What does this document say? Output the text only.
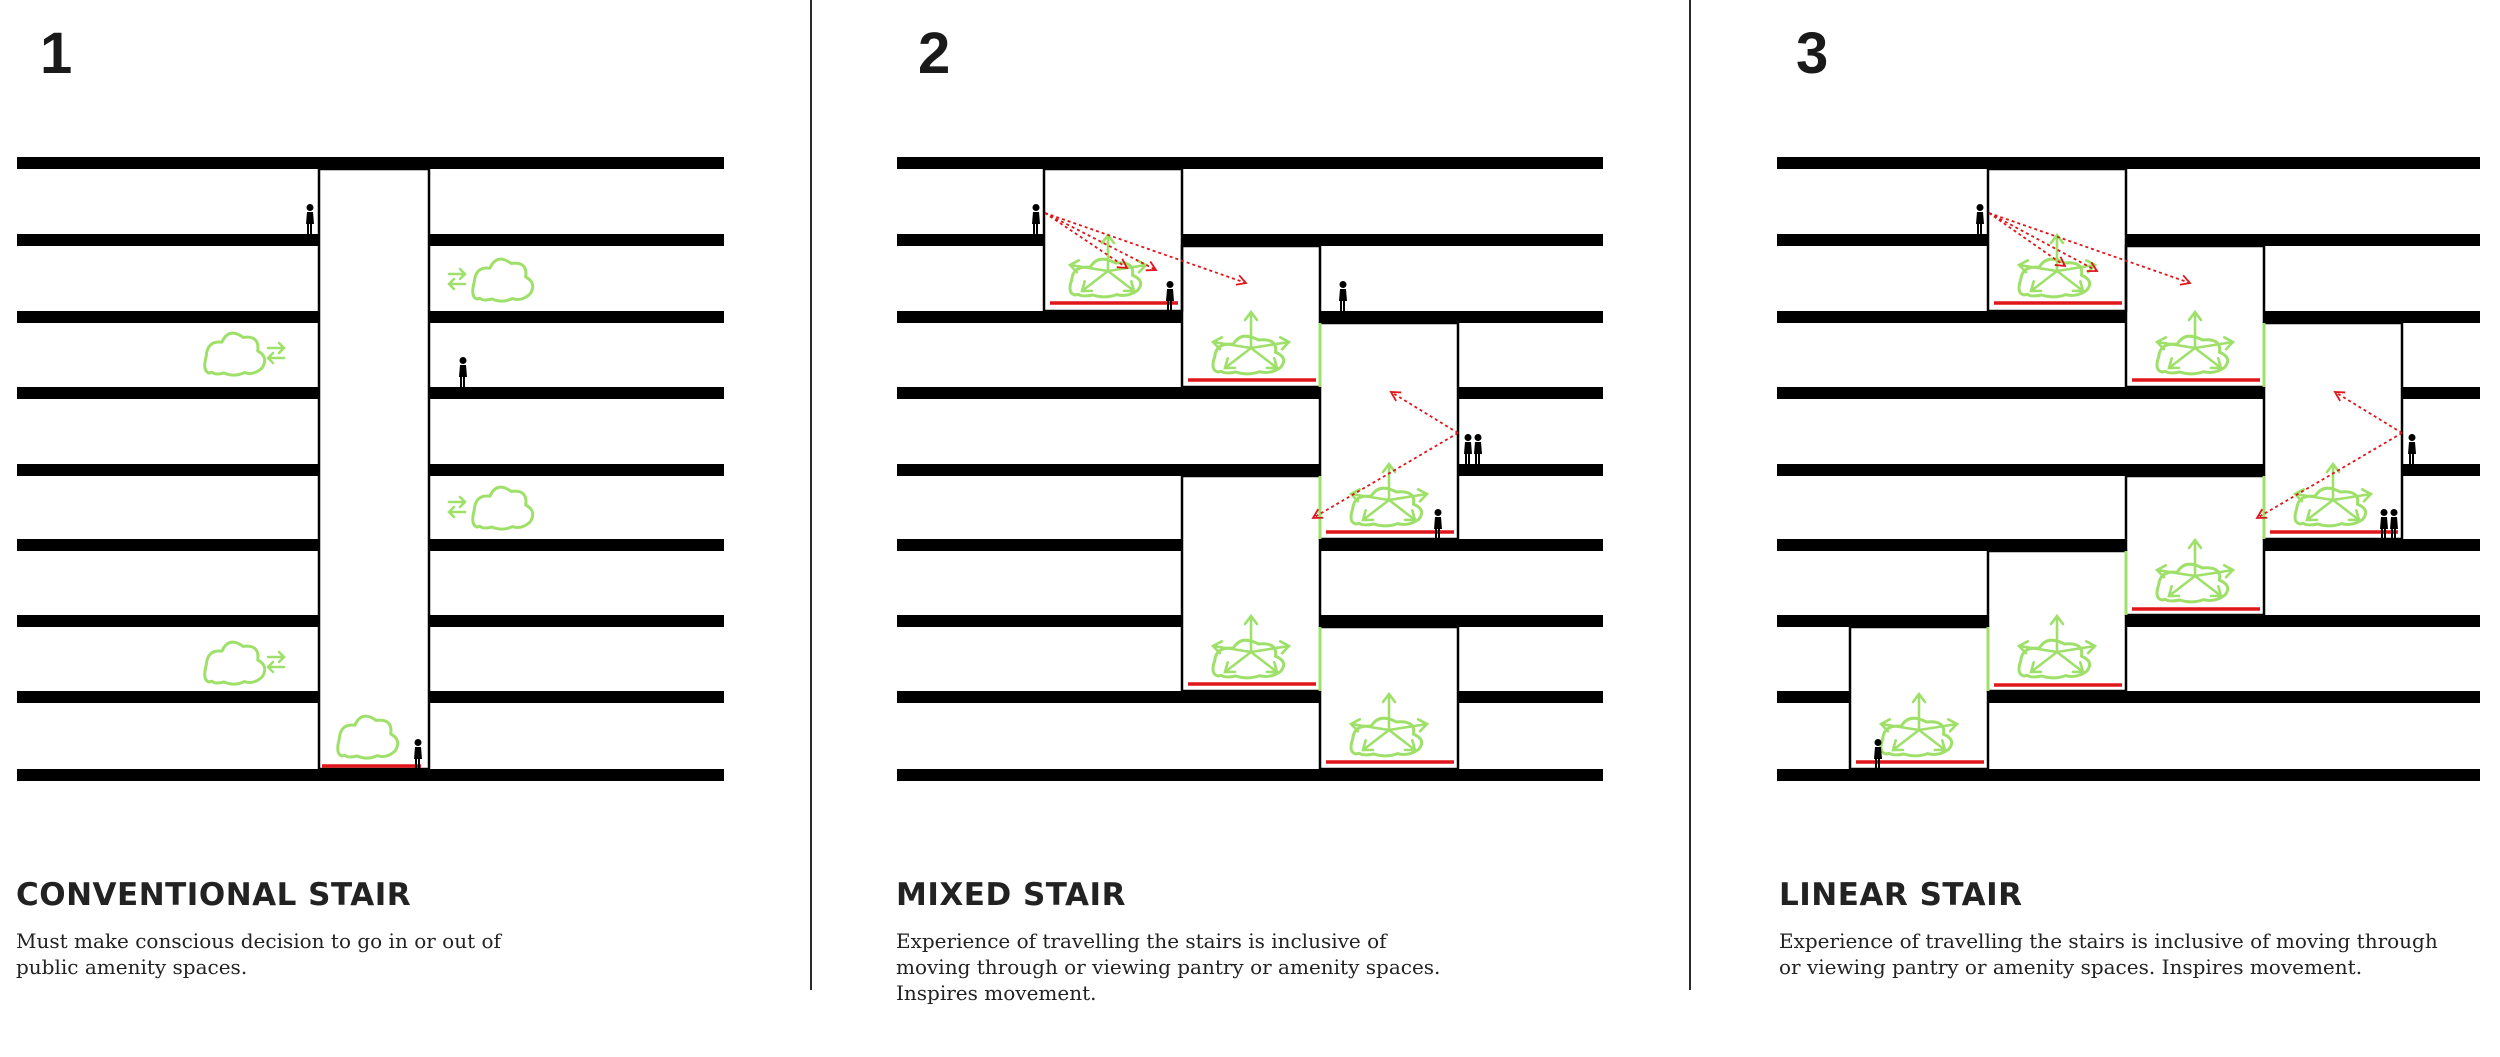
1
CONVENTIONAL STAIR
Must make conscious decision to go in or out of public amenity spaces.
2
MIXED STAIR
Experience of travelling the stairs is inclusive of moving through or viewing pantry or amenity spaces. Inspires movement.
3
LINEAR STAIR
Experience of travelling the stairs is inclusive of moving through or viewing pantry or amenity spaces. Inspires movement.
